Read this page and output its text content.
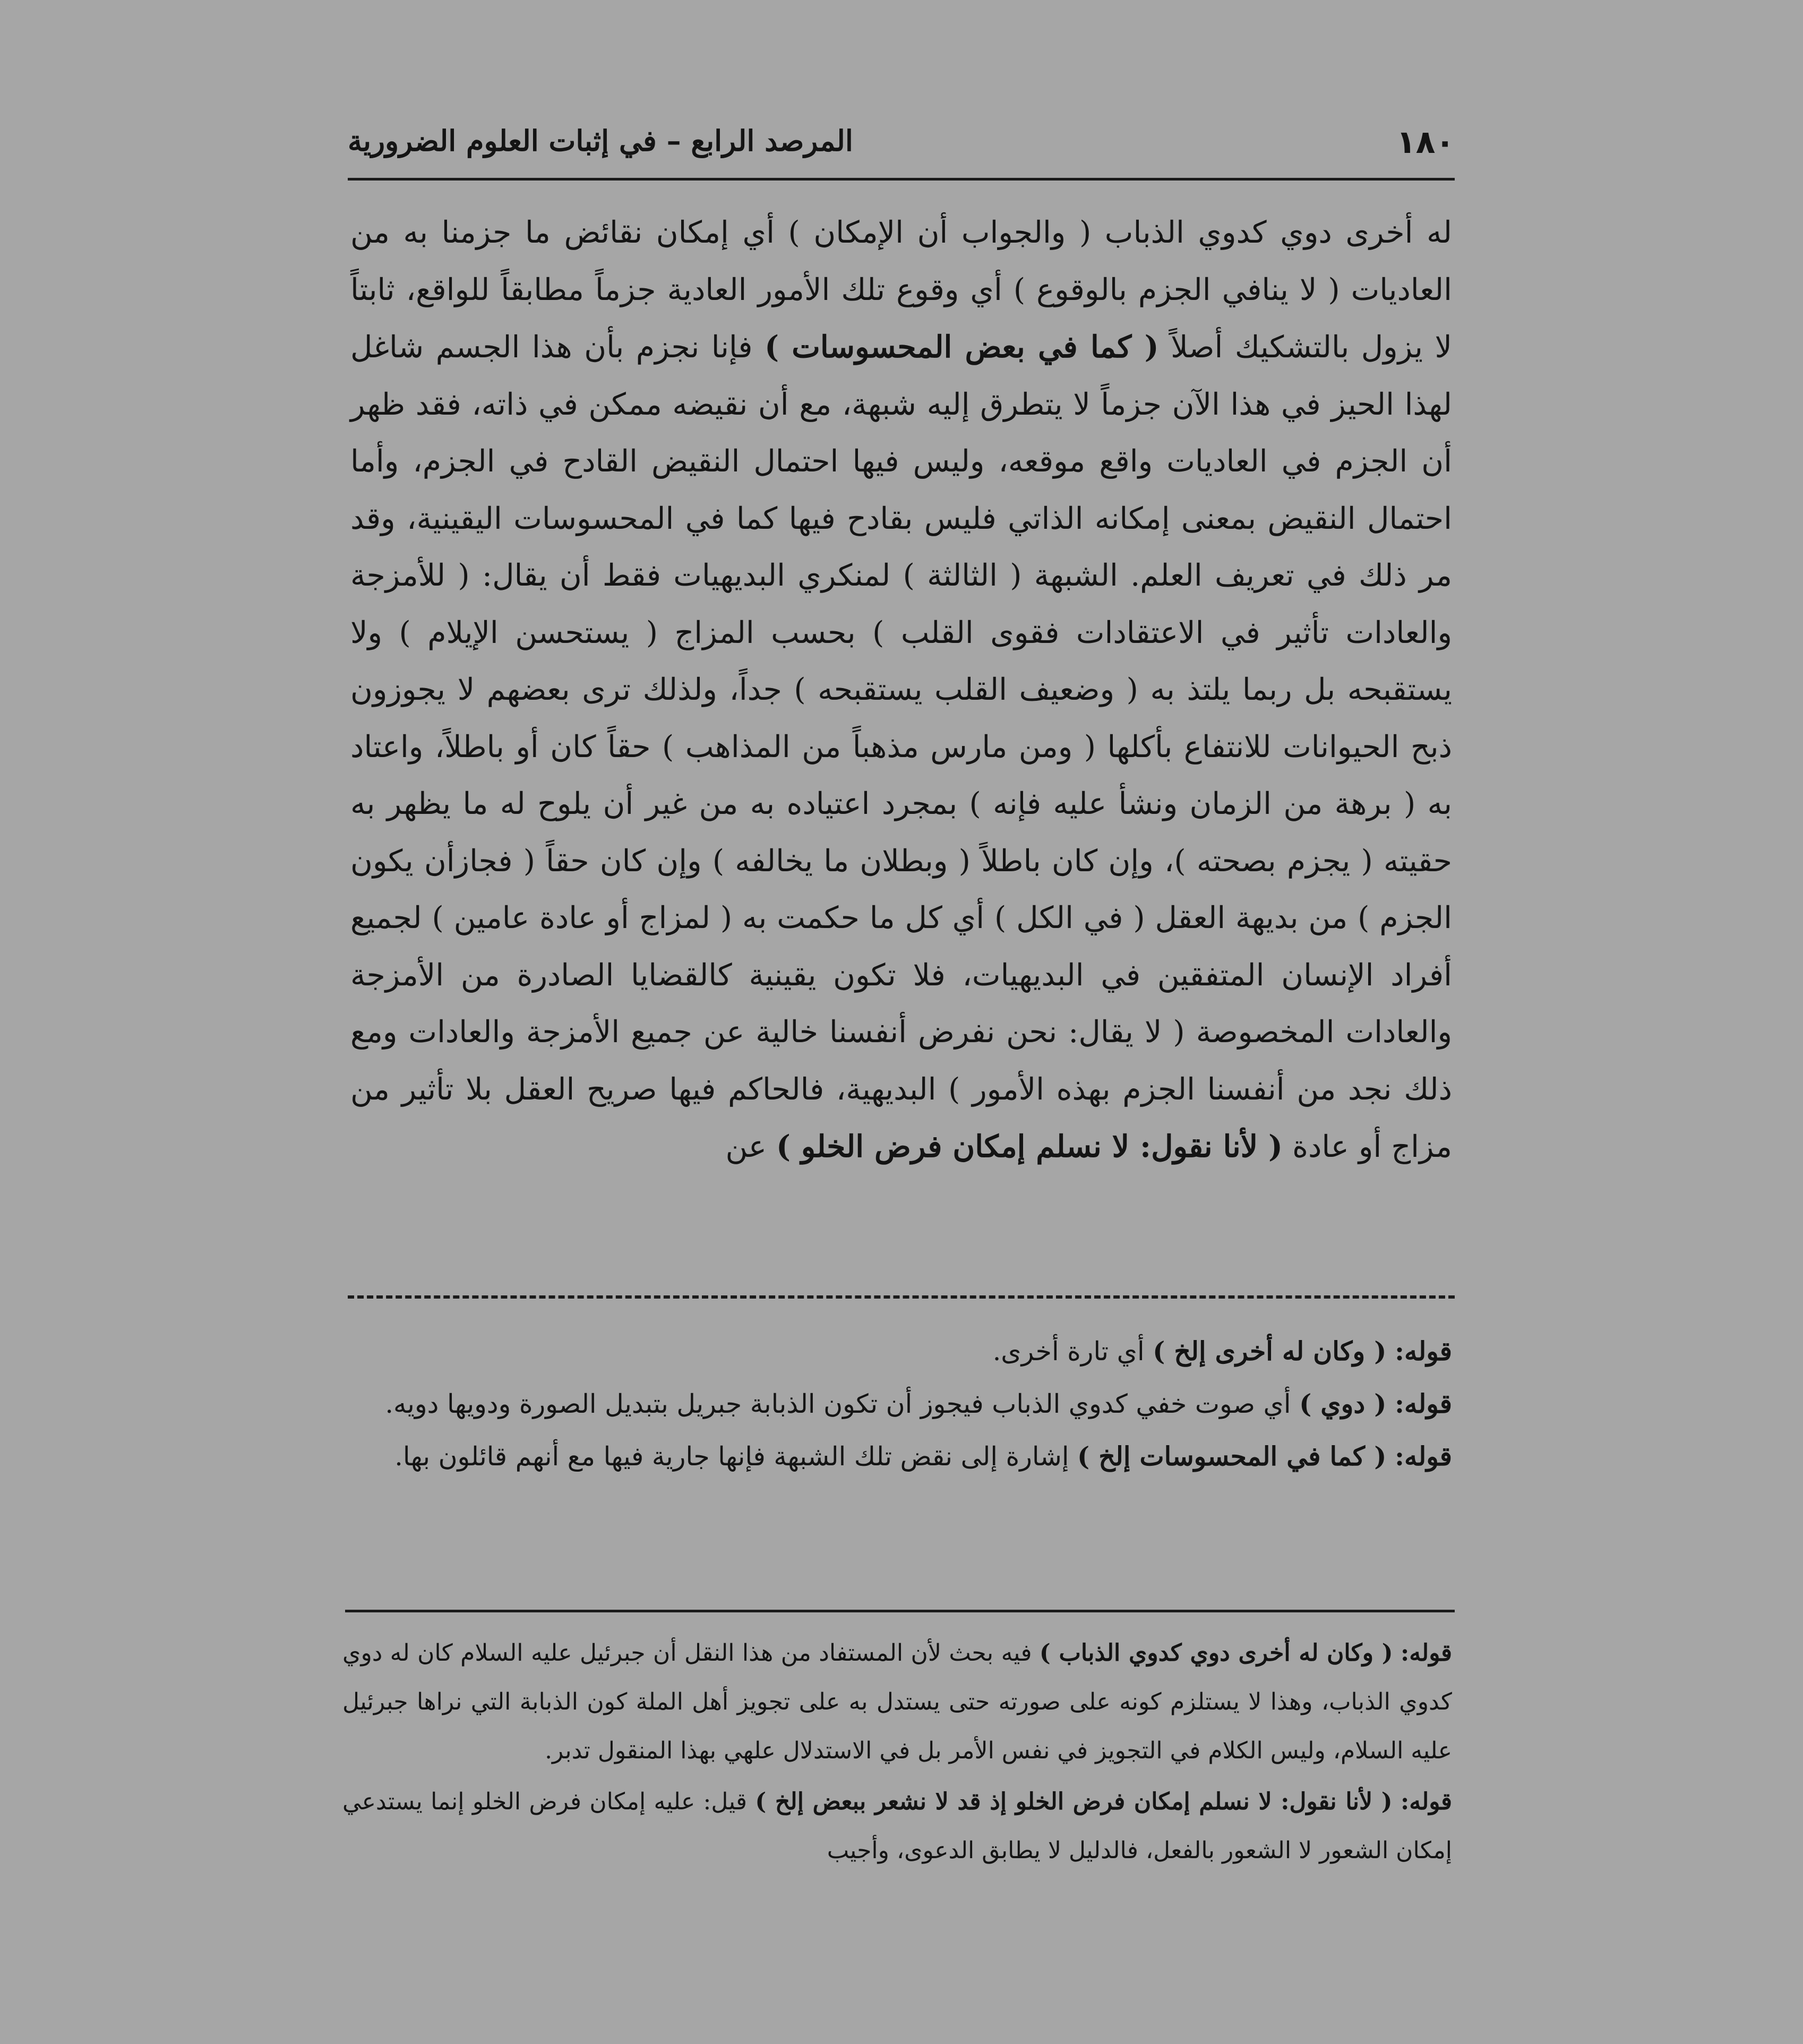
١٨٠
المرصد الرابع – في إثبات العلوم الضرورية

له أخرى دوي كدوي الذباب ( والجواب أن الإمكان ) أي إمكان نقائض ما جزمنا به من العاديات ( لا ينافي الجزم بالوقوع ) أي وقوع تلك الأمور العادية جزماً مطابقاً للواقع، ثابتاً لا يزول بالتشكيك أصلاً ( كما في بعض المحسوسات ) فإنا نجزم بأن هذا الجسم شاغل لهذا الحيز في هذا الآن جزماً لا يتطرق إليه شبهة، مع أن نقيضه ممكن في ذاته، فقد ظهر أن الجزم في العاديات واقع موقعه، وليس فيها احتمال النقيض القادح في الجزم، وأما احتمال النقيض بمعنى إمكانه الذاتي فليس بقادح فيها كما في المحسوسات اليقينية، وقد مر ذلك في تعريف العلم. الشبهة ( الثالثة ) لمنكري البديهيات فقط أن يقال: ( للأمزجة والعادات تأثير في الاعتقادات فقوى القلب ) بحسب المزاج ( يستحسن الإيلام ) ولا يستقبحه بل ربما يلتذ به ( وضعيف القلب يستقبحه ) جداً، ولذلك ترى بعضهم لا يجوزون ذبح الحيوانات للانتفاع بأكلها ( ومن مارس مذهباً من المذاهب ) حقاً كان أو باطلاً، واعتاد به ( برهة من الزمان ونشأ عليه فإنه ) بمجرد اعتياده به من غير أن يلوح له ما يظهر به حقيته ( يجزم بصحته )، وإن كان باطلاً ( وبطلان ما يخالفه ) وإن كان حقاً ( فجازأن يكون الجزم ) من بديهة العقل ( في الكل ) أي كل ما حكمت به ( لمزاج أو عادة عامين ) لجميع أفراد الإنسان المتفقين في البديهيات، فلا تكون يقينية كالقضايا الصادرة من الأمزجة والعادات المخصوصة ( لا يقال: نحن نفرض أنفسنا خالية عن جميع الأمزجة والعادات ومع ذلك نجد من أنفسنا الجزم بهذه الأمور ) البديهية، فالحاكم فيها صريح العقل بلا تأثير من مزاج أو عادة ( لأنا نقول: لا نسلم إمكان فرض الخلو ) عن

قوله: ( وكان له أخرى إلخ ) أي تارة أخرى.

قوله: ( دوي ) أي صوت خفي كدوي الذباب فيجوز أن تكون الذبابة جبريل بتبديل الصورة ودويها دويه.

قوله: ( كما في المحسوسات إلخ ) إشارة إلى نقض تلك الشبهة فإنها جارية فيها مع أنهم قائلون بها.

قوله: ( وكان له أخرى دوي كدوي الذباب ) فيه بحث لأن المستفاد من هذا النقل أن جبرئيل عليه السلام كان له دوي كدوي الذباب، وهذا لا يستلزم كونه على صورته حتى يستدل به على تجويز أهل الملة كون الذبابة التي نراها جبرئيل عليه السلام، وليس الكلام في التجويز في نفس الأمر بل في الاستدلال علهي بهذا المنقول تدبر.

قوله: ( لأنا نقول: لا نسلم إمكان فرض الخلو إذ قد لا نشعر ببعض إلخ ) قيل: عليه إمكان فرض الخلو إنما يستدعي إمكان الشعور لا الشعور بالفعل، فالدليل لا يطابق الدعوى، وأجيب
